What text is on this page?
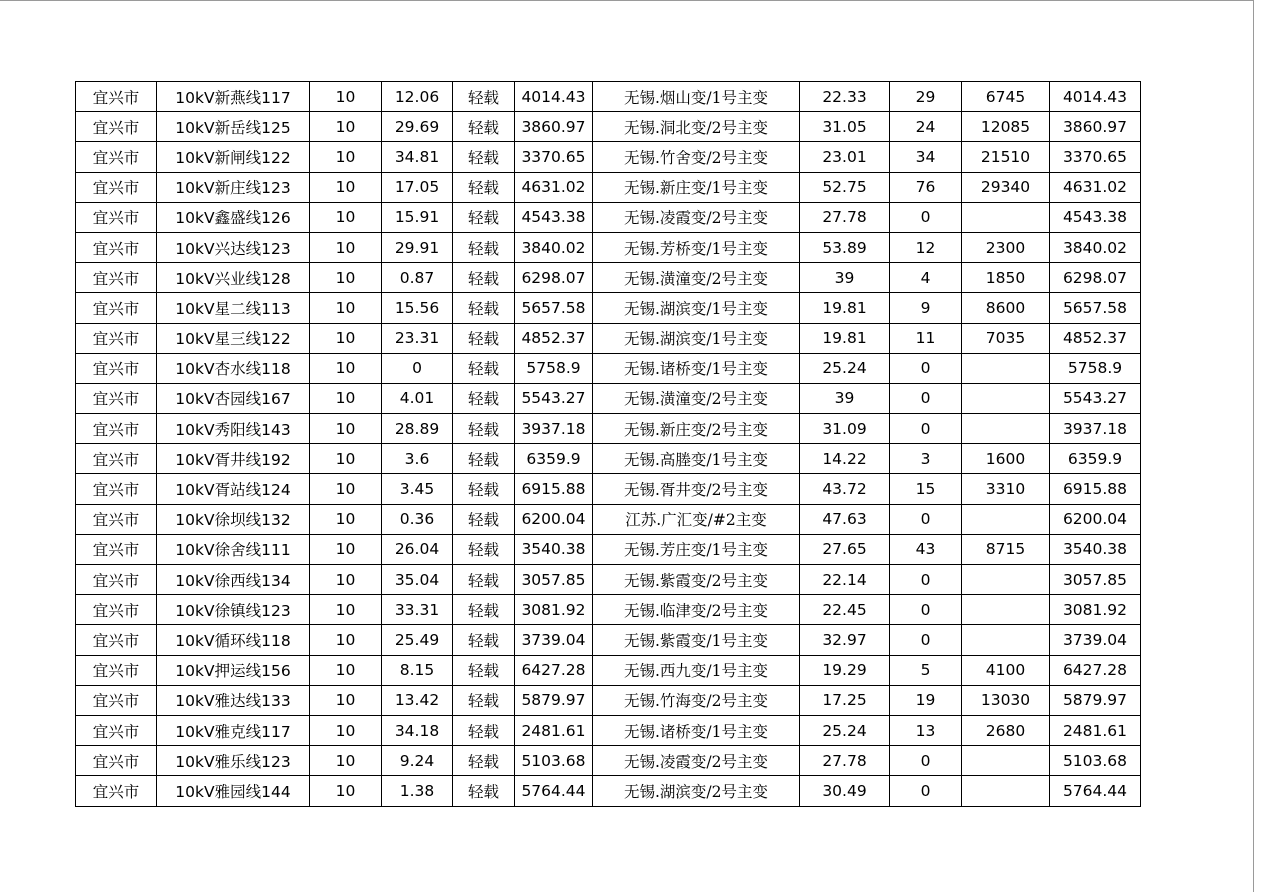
宜兴市	10kV新燕线117	10	12.06	轻载	4014.43	无锡.烟山变/1号主变	22.33	29	6745	4014.43
宜兴市	10kV新岳线125	10	29.69	轻载	3860.97	无锡.洞北变/2号主变	31.05	24	12085	3860.97
宜兴市	10kV新闸线122	10	34.81	轻载	3370.65	无锡.竹舍变/2号主变	23.01	34	21510	3370.65
宜兴市	10kV新庄线123	10	17.05	轻载	4631.02	无锡.新庄变/1号主变	52.75	76	29340	4631.02
宜兴市	10kV鑫盛线126	10	15.91	轻载	4543.38	无锡.凌霞变/2号主变	27.78	0		4543.38
宜兴市	10kV兴达线123	10	29.91	轻载	3840.02	无锡.芳桥变/1号主变	53.89	12	2300	3840.02
宜兴市	10kV兴业线128	10	0.87	轻载	6298.07	无锡.潢潼变/2号主变	39	4	1850	6298.07
宜兴市	10kV星二线113	10	15.56	轻载	5657.58	无锡.湖滨变/1号主变	19.81	9	8600	5657.58
宜兴市	10kV星三线122	10	23.31	轻载	4852.37	无锡.湖滨变/1号主变	19.81	11	7035	4852.37
宜兴市	10kV杏水线118	10	0	轻载	5758.9	无锡.诸桥变/1号主变	25.24	0		5758.9
宜兴市	10kV杏园线167	10	4.01	轻载	5543.27	无锡.潢潼变/2号主变	39	0		5543.27
宜兴市	10kV秀阳线143	10	28.89	轻载	3937.18	无锡.新庄变/2号主变	31.09	0		3937.18
宜兴市	10kV胥井线192	10	3.6	轻载	6359.9	无锡.高塍变/1号主变	14.22	3	1600	6359.9
宜兴市	10kV胥站线124	10	3.45	轻载	6915.88	无锡.胥井变/2号主变	43.72	15	3310	6915.88
宜兴市	10kV徐坝线132	10	0.36	轻载	6200.04	江苏.广汇变/#2主变	47.63	0		6200.04
宜兴市	10kV徐舍线111	10	26.04	轻载	3540.38	无锡.芳庄变/1号主变	27.65	43	8715	3540.38
宜兴市	10kV徐西线134	10	35.04	轻载	3057.85	无锡.紫霞变/2号主变	22.14	0		3057.85
宜兴市	10kV徐镇线123	10	33.31	轻载	3081.92	无锡.临津变/2号主变	22.45	0		3081.92
宜兴市	10kV循环线118	10	25.49	轻载	3739.04	无锡.紫霞变/1号主变	32.97	0		3739.04
宜兴市	10kV押运线156	10	8.15	轻载	6427.28	无锡.西九变/1号主变	19.29	5	4100	6427.28
宜兴市	10kV雅达线133	10	13.42	轻载	5879.97	无锡.竹海变/2号主变	17.25	19	13030	5879.97
宜兴市	10kV雅克线117	10	34.18	轻载	2481.61	无锡.诸桥变/1号主变	25.24	13	2680	2481.61
宜兴市	10kV雅乐线123	10	9.24	轻载	5103.68	无锡.凌霞变/2号主变	27.78	0		5103.68
宜兴市	10kV雅园线144	10	1.38	轻载	5764.44	无锡.湖滨变/2号主变	30.49	0		5764.44
